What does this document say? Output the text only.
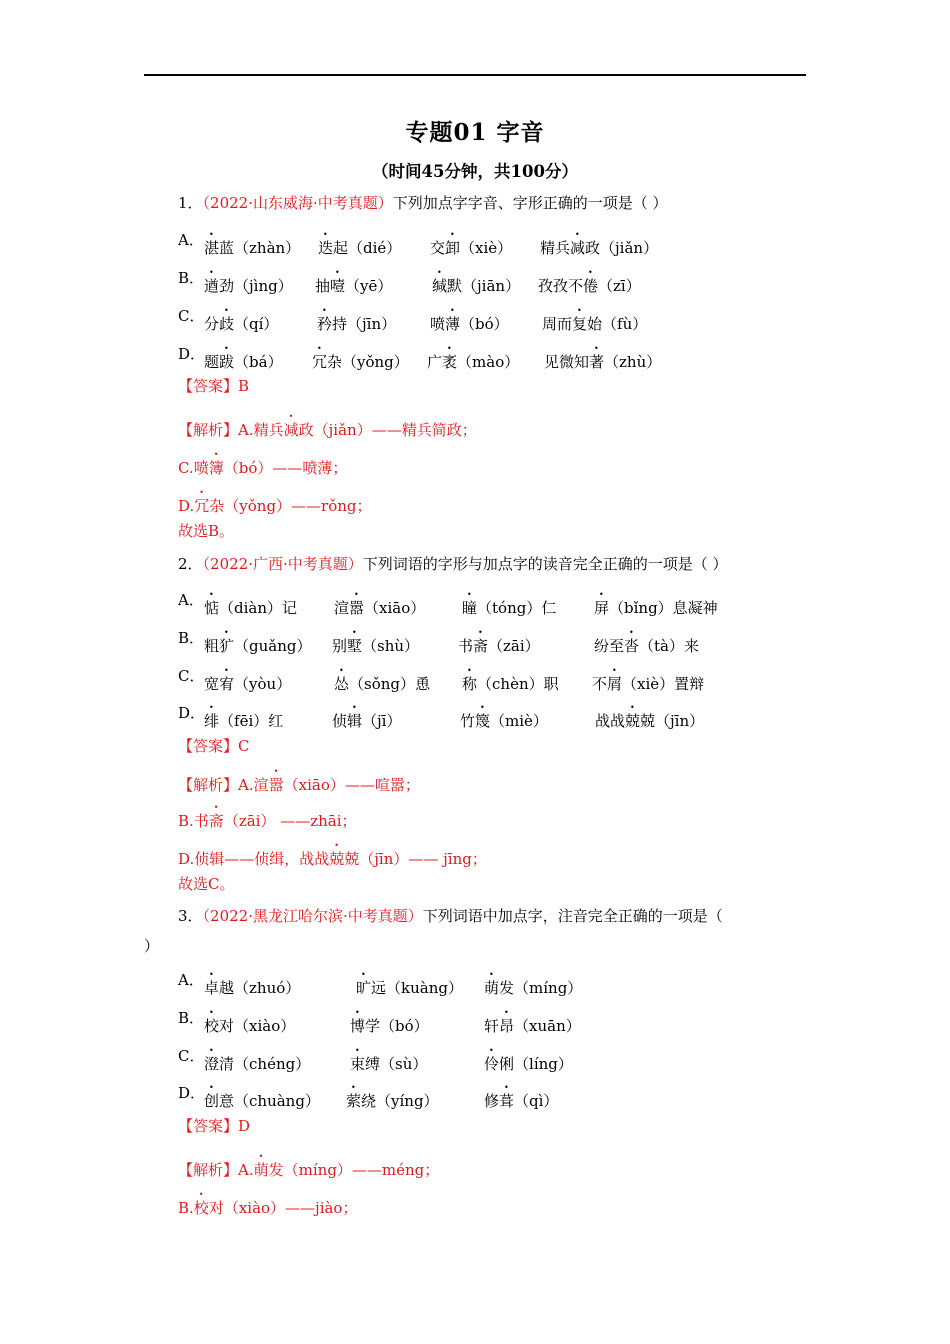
专题01 字音
（时间45分钟，共100分）
1．（2022·山东威海·中考真题）下列加点字字音、字形正确的一项是（ ）
A． 湛蓝（zhàn） 迭起（dié） 交卸（xiè） 精兵减政（jiǎn）
B． 遒劲（jìng） 抽噎（yē）	缄默（jiān） 孜孜不倦（zī）
C． 分歧（qí）	矜持（jīn） 喷薄（bó） 周而复始（fù）
D．
题跋（bá） 冗杂（yǒng） 广袤（mào） 见微知著（zhù）
【答案】B
【解析】A.精兵减政（jiǎn）——精兵简政；
C.喷簿（bó）——喷薄；
D.冗杂（yǒng）——rǒng；
故选B。
2．（2022·广西·中考真题）下列词语的字形与加点字的读音完全正确的一项是（ ）
A． 惦（diàn）记 渲嚣（xiāo） 瞳（tóng）仁	屏（bǐng）息凝神
B． 粗犷（guǎng） 别墅（shù）	书斋（zāi）	纷至沓（tà）来
C． 宽宥（yòu）	怂（sǒng）恿 称（chèn）职 不屑（xiè）置辩
D．
绯（fēi）红	侦辑（jī）	竹篾（miè）	战战兢兢（jīn）
【答案】C
【解析】A.渲嚣（xiāo）——喧嚣；
B.书斋（zāi） ——zhāi；
D.侦辑——侦缉，战战兢兢（jīn）—— jīng；
故选C。
3．（2022·黑龙江哈尔滨·中考真题）下列词语中加点字，注音完全正确的一项是（
）
A． 卓越（zhuó）	旷远（kuàng） 萌发（míng）
B． 校对（xiào）	博学（bó）	轩昂（xuān）
C． 澄清（chéng）	束缚（sù）	伶俐（líng）
D．
创意（chuàng） 萦绕（yíng）	修葺（qì）
【答案】D
【解析】A.萌发（míng）——méng；
B.校对（xiào）——jiào；
